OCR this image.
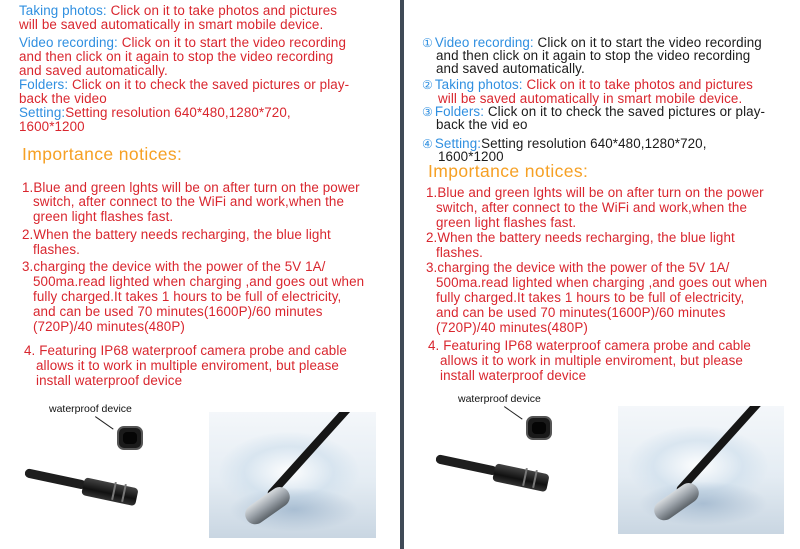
Taking photos: Click on it to take photos and pictures
will be saved automatically in smart mobile device.
Video recording: Click on it to start the video recording
and then click on it again to stop the video recording
and saved automatically.
Folders: Click on it to check the saved pictures or play-
back the video
Setting:Setting resolution 640*480,1280*720,
1600*1200
Importance notices:
1.Blue and green lghts will be on after turn on the power
switch, after connect to the WiFi and work,when the
green light flashes fast.
2.When the battery needs recharging, the blue light
flashes.
3.charging the device with the power of the 5V 1A/
500ma.read lighted when charging ,and goes out when
fully charged.It takes 1 hours to be full of electricity,
and can be used 70 minutes(1600P)/60 minutes
(720P)/40 minutes(480P)
4. Featuring IP68 waterproof camera probe and cable
allows it to work in multiple enviroment, but please
install waterproof device
waterproof device
① Video recording: Click on it to start the video recording
and then click on it again to stop the video recording
and saved automatically.
② Taking photos: Click on it to take photos and pictures
will be saved automatically in smart mobile device.
③ Folders: Click on it to check the saved pictures or play-
back the vid eo
④ Setting:Setting resolution 640*480,1280*720,
1600*1200
Importance notices:
1.Blue and green lghts will be on after turn on the power
switch, after connect to the WiFi and work,when the
green light flashes fast.
2.When the battery needs recharging, the blue light
flashes.
3.charging the device with the power of the 5V 1A/
500ma.read lighted when charging ,and goes out when
fully charged.It takes 1 hours to be full of electricity,
and can be used 70 minutes(1600P)/60 minutes
(720P)/40 minutes(480P)
4. Featuring IP68 waterproof camera probe and cable
allows it to work in multiple enviroment, but please
install waterproof device
waterproof device
